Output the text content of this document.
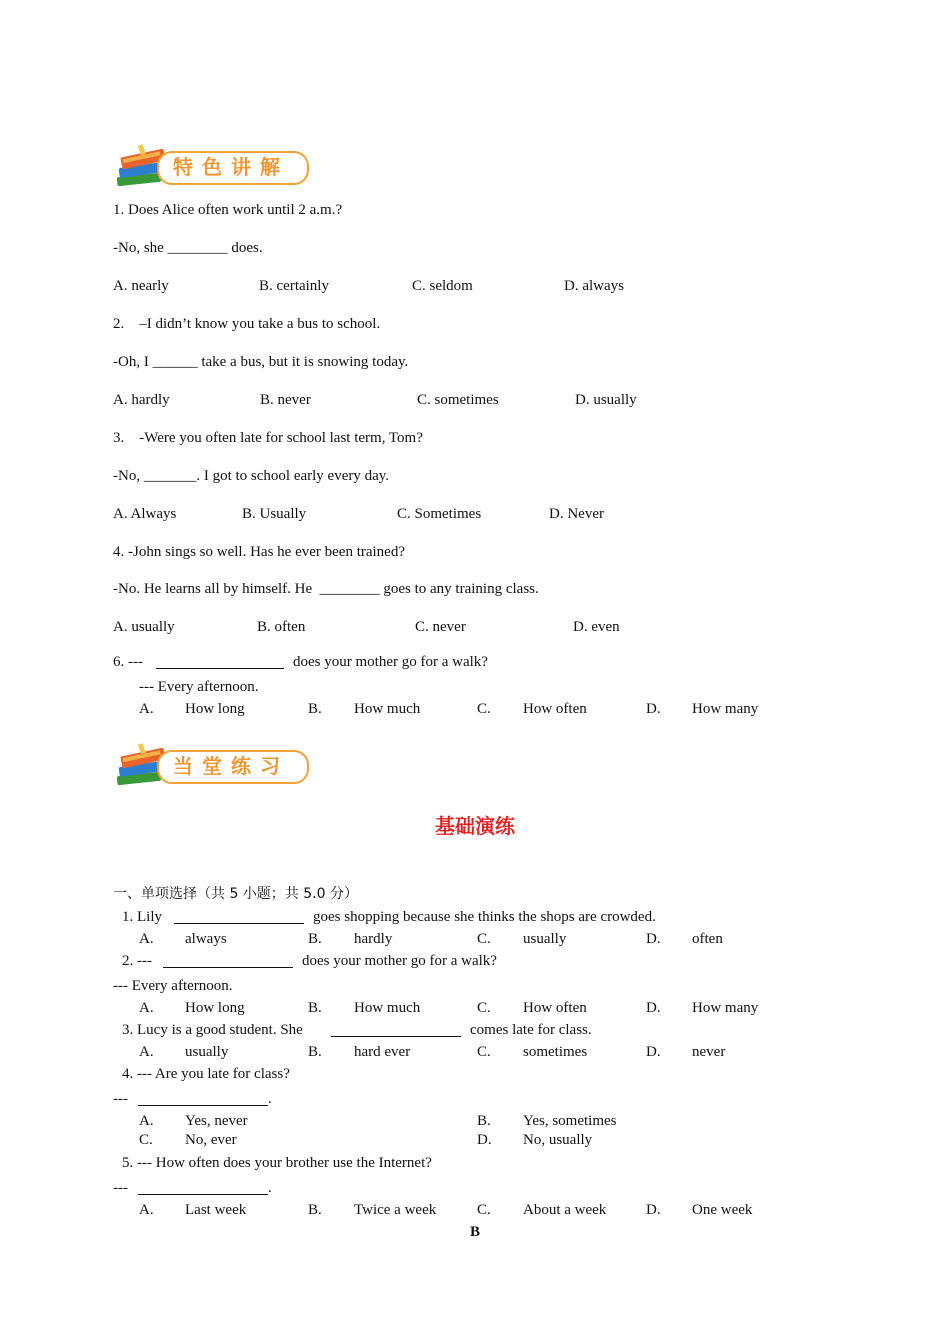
特色讲解
1. Does Alice often work until 2 a.m.?
-No, she ________ does.
A. nearly	B. certainly	C. seldom	D. always
2.    –I didn’t know you take a bus to school.
-Oh, I ______ take a bus, but it is snowing today.
A. hardly	B. never	C. sometimes	D. usually
3.    -Were you often late for school last term, Tom?
-No, _______. I got to school early every day.
A. Always	B. Usually	C. Sometimes	D. Never
4. -John sings so well. Has he ever been trained?
-No. He learns all by himself. He  ________ goes to any training class.
A. usually	B. often	C. never	D. even
6. ---	does your mother go for a walk?
--- Every afternoon.
A. How long	B. How much	C. How often	D. How many
当堂练习
基础演练
一、单项选择（共 5 小题；共 5.0 分）
1. Lily	goes shopping because she thinks the shops are crowded.
A. always	B. hardly	C. usually	D. often
2. ---	does your mother go for a walk?
--- Every afternoon.
A. How long	B. How much	C. How often	D. How many
3. Lucy is a good student. She	comes late for class.
A. usually	B. hard ever	C. sometimes	D. never
4. --- Are you late for class?
---	.
A. Yes, never	B. Yes, sometimes
C. No, ever	D. No, usually
5. --- How often does your brother use the Internet?
---	.
A. Last week	B. Twice a week	C. About a week	D. One week
B
